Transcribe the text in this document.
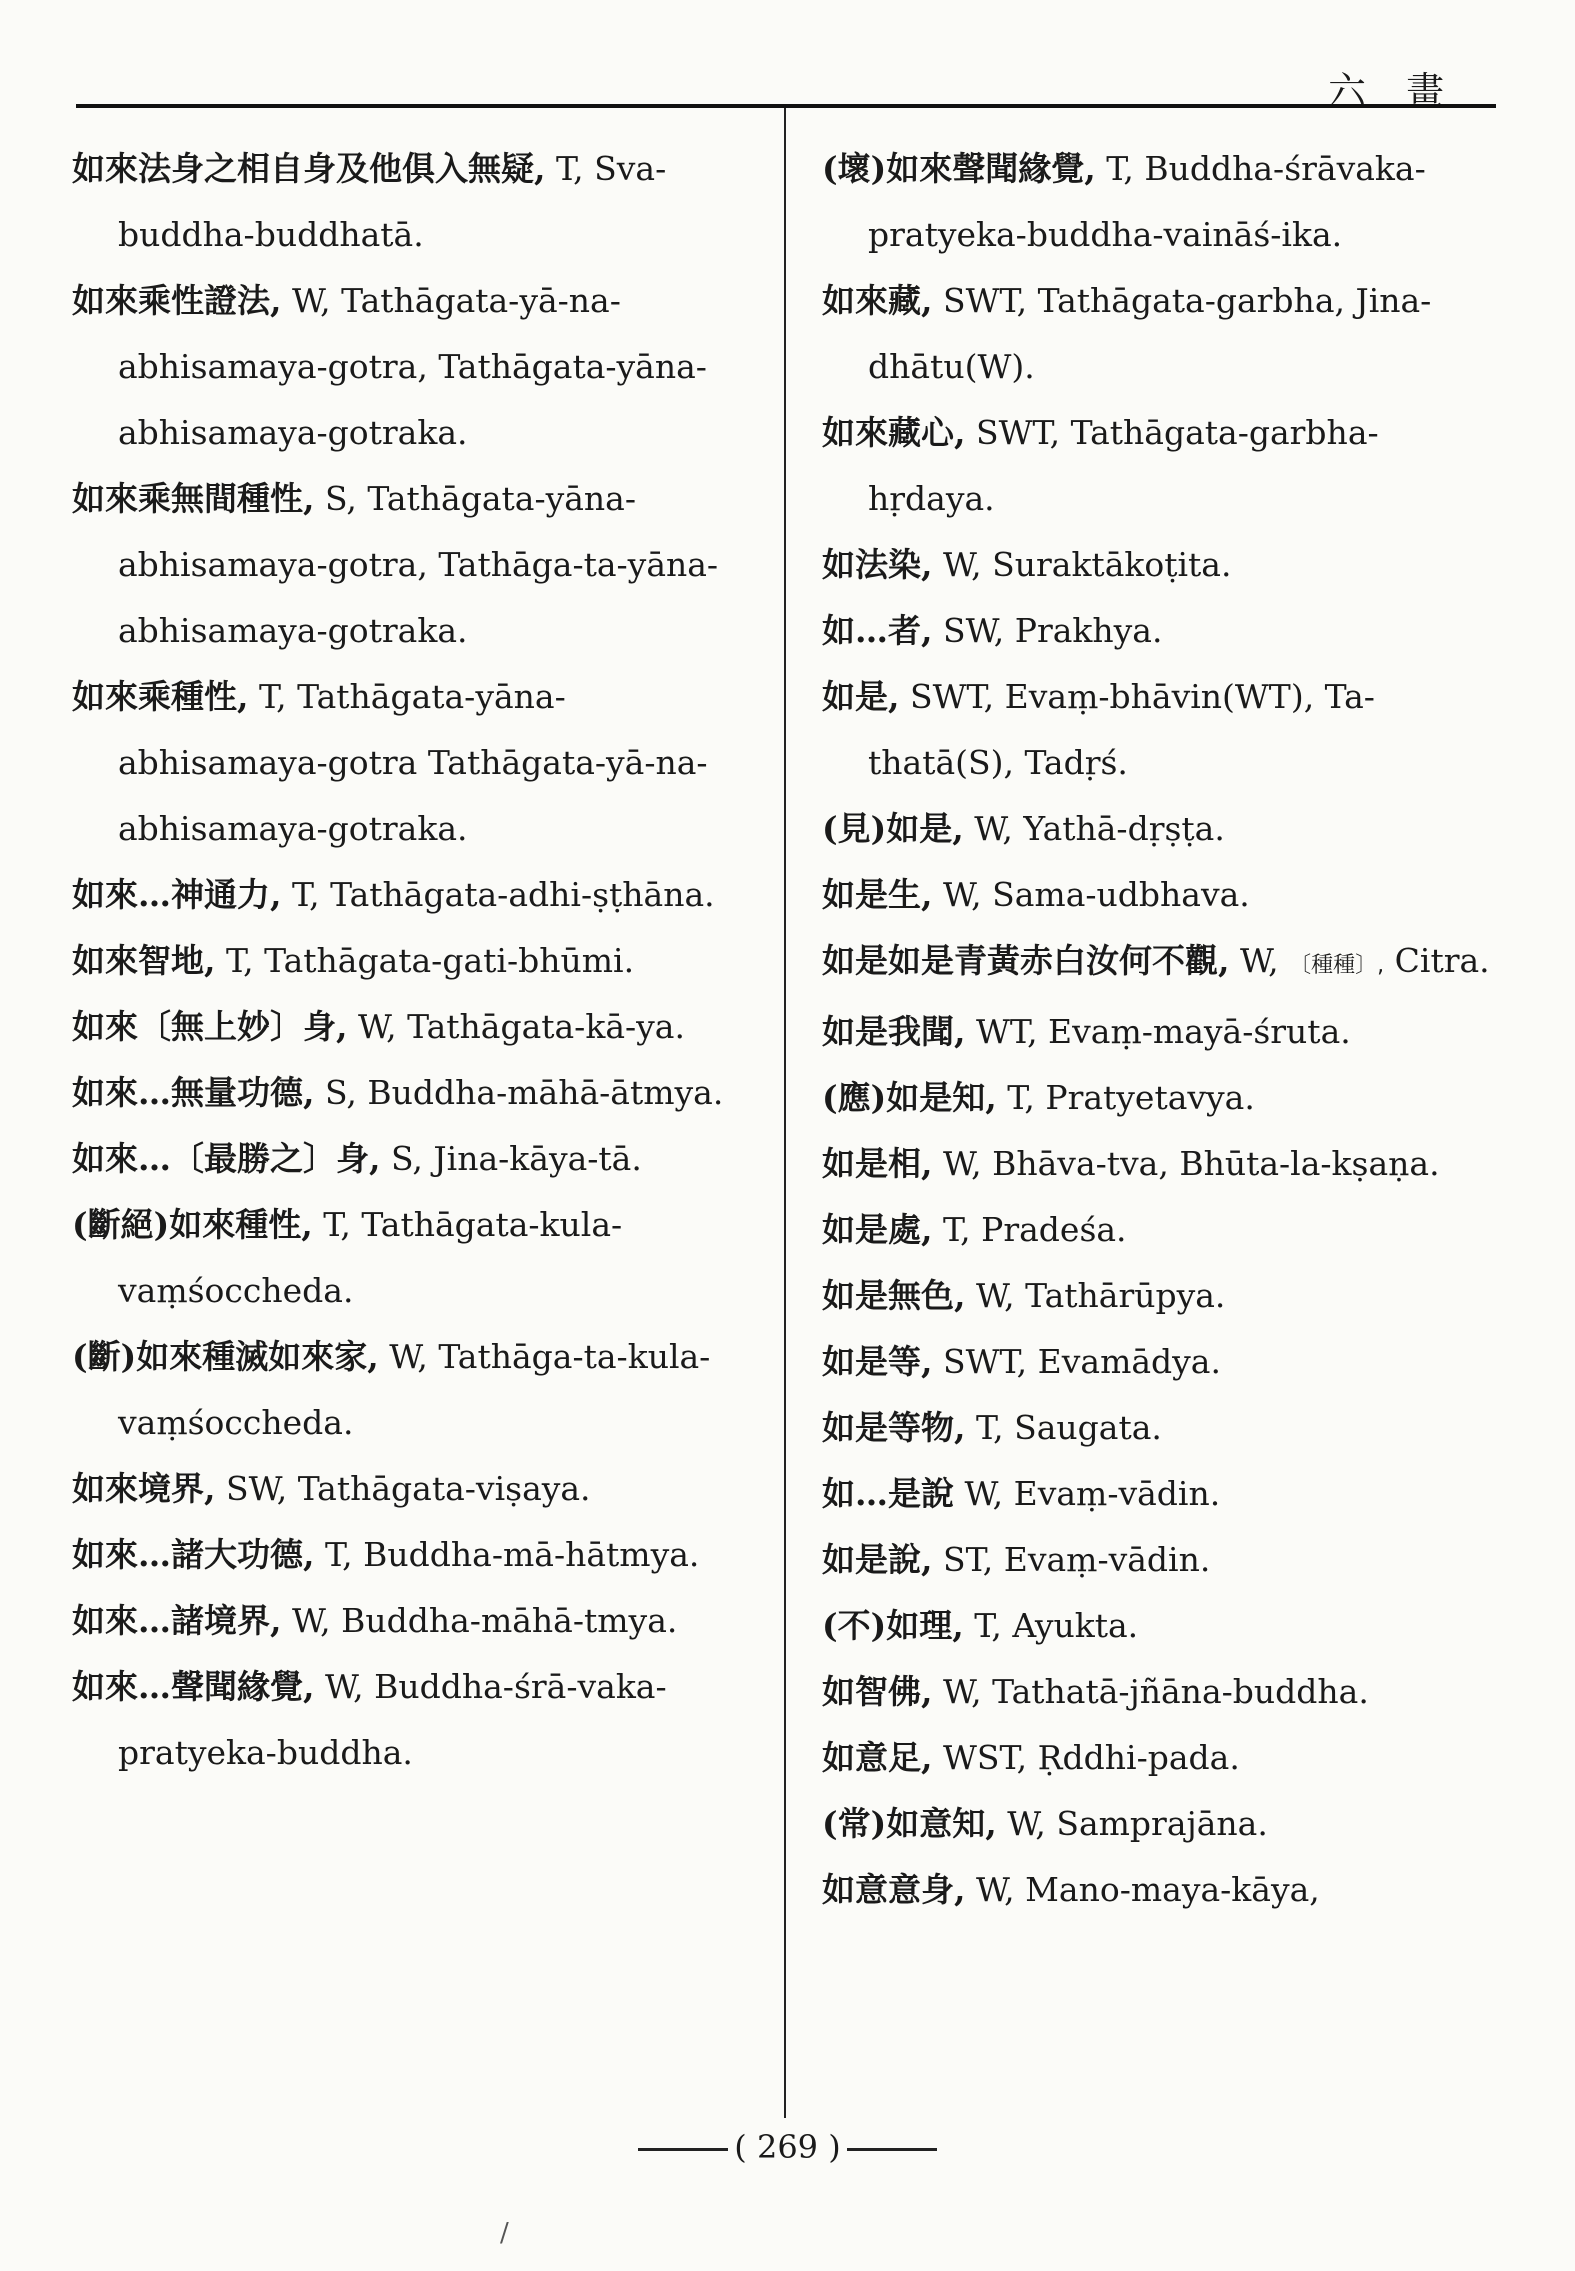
六 畫
如來法身之相自身及他俱入無疑, T, Sva-buddha-buddhatā.
如來乘性證法, W, Tathāgata-yā-na-abhisamaya-gotra, Tathāgata-yāna-abhisamaya-gotraka.
如來乘無間種性, S, Tathāgata-yāna-abhisamaya-gotra, Tathāga-ta-yāna-abhisamaya-gotraka.
如來乘種性, T, Tathāgata-yāna-abhisamaya-gotra Tathāgata-yā-na-abhisamaya-gotraka.
如來…神通力, T, Tathāgata-adhi-ṣṭhāna.
如來智地, T, Tathāgata-gati-bhūmi.
如來〔無上妙〕身, W, Tathāgata-kā-ya.
如來…無量功德, S, Buddha-māhā-ātmya.
如來…〔最勝之〕身, S, Jina-kāya-tā.
(斷絕)如來種性, T, Tathāgata-kula-vaṃśoccheda.
(斷)如來種滅如來家, W, Tathāga-ta-kula-vaṃśoccheda.
如來境界, SW, Tathāgata-viṣaya.
如來…諸大功德, T, Buddha-mā-hātmya.
如來…諸境界, W, Buddha-māhā-tmya.
如來…聲聞緣覺, W, Buddha-śrā-vaka-pratyeka-buddha.
(壞)如來聲聞緣覺, T, Buddha-śrāvaka-pratyeka-buddha-vaināś-ika.
如來藏, SWT, Tathāgata-garbha, Jina-dhātu(W).
如來藏心, SWT, Tathāgata-garbha-hṛdaya.
如法染, W, Suraktākoṭita.
如…者, SW, Prakhya.
如是, SWT, Evaṃ-bhāvin(WT), Ta-thatā(S), Tadṛś.
(見)如是, W, Yathā-dṛṣṭa.
如是生, W, Sama-udbhava.
如是如是青黃赤白汝何不觀, W, 〔種種〕, Citra.
如是我聞, WT, Evaṃ-mayā-śruta.
(應)如是知, T, Pratyetavya.
如是相, W, Bhāva-tva, Bhūta-la-kṣaṇa.
如是處, T, Pradeśa.
如是無色, W, Tathārūpya.
如是等, SWT, Evamādya.
如是等物, T, Saugata.
如…是說 W, Evaṃ-vādin.
如是說, ST, Evaṃ-vādin.
(不)如理, T, Ayukta.
如智佛, W, Tathatā-jñāna-buddha.
如意足, WST, Ṛddhi-pada.
(常)如意知, W, Samprajāna.
如意意身, W, Mano-maya-kāya,
( 269 )
/
